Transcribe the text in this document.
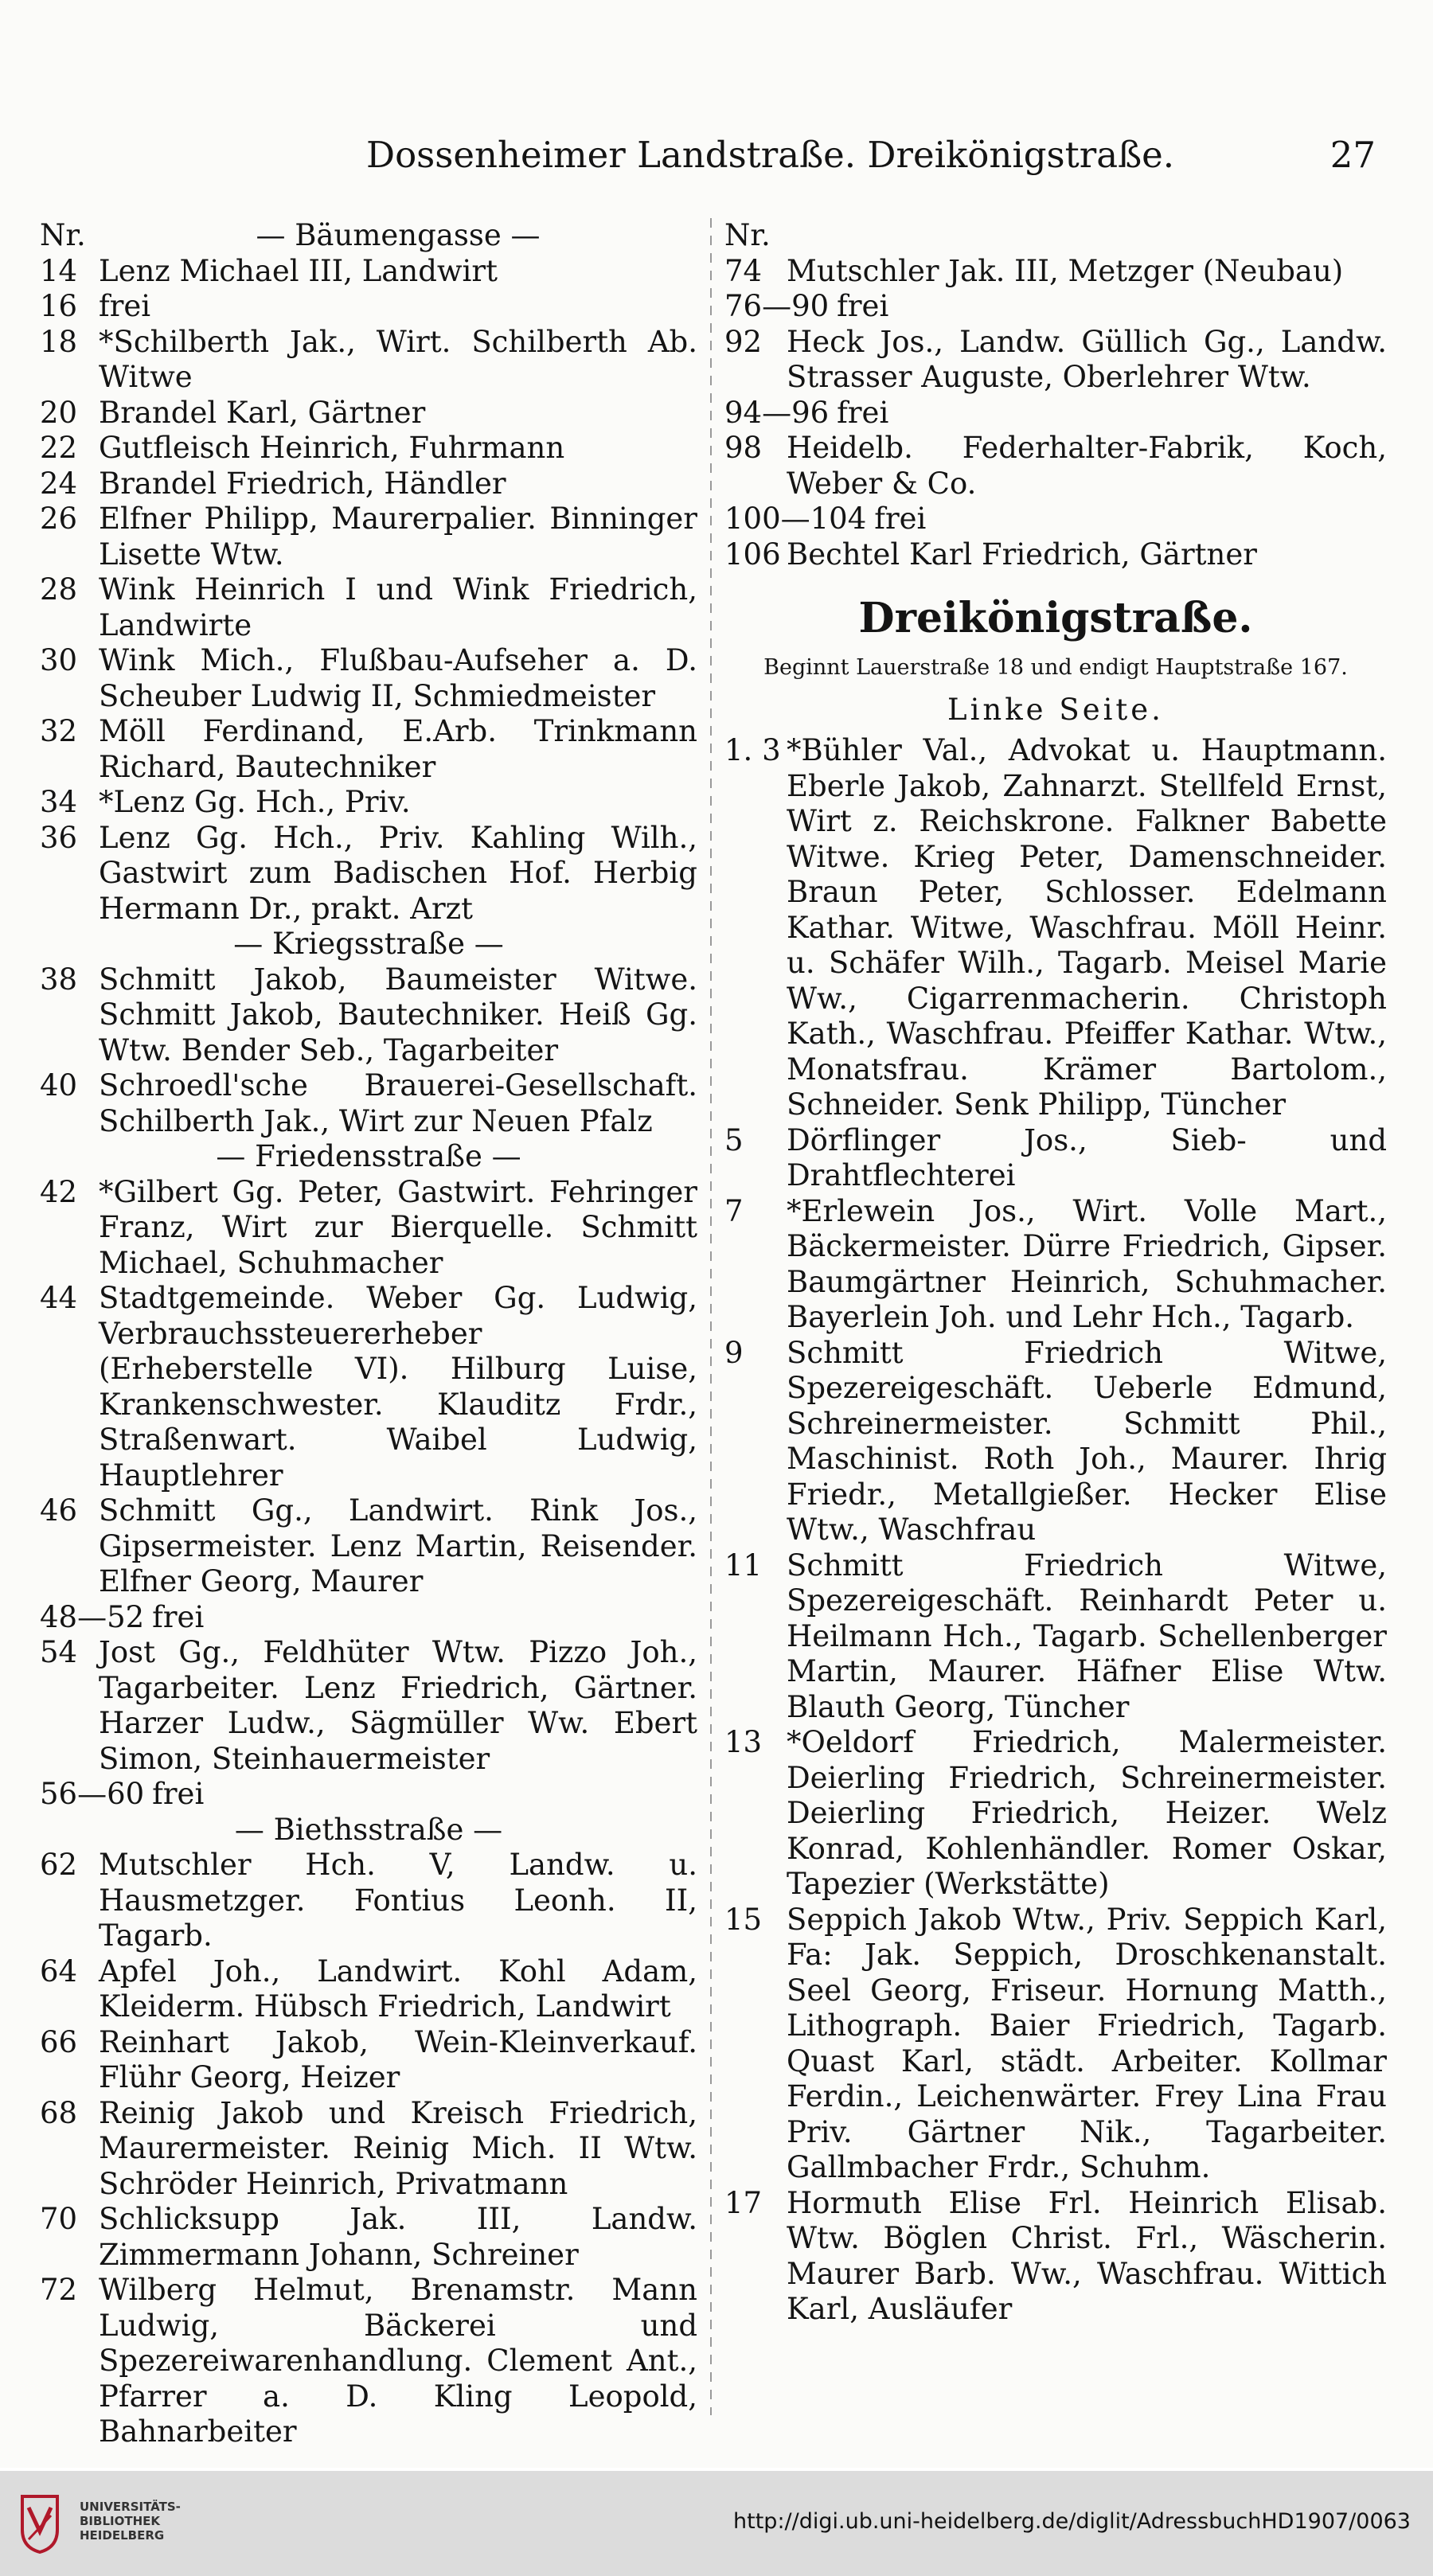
Dossenheimer Landstraße. Dreikönigstraße.	27
Nr.	— Bäumengasse —
14 Lenz Michael III, Landwirt
16 frei
18 *Schilberth Jak., Wirt. Schilberth Ab. Witwe
20 Brandel Karl, Gärtner
22 Gutfleisch Heinrich, Fuhrmann
24 Brandel Friedrich, Händler
26 Elfner Philipp, Maurerpalier. Binninger Lisette Wtw.
28 Wink Heinrich I und Wink Friedrich, Landwirte
30 Wink Mich., Flußbau-Aufseher a. D. Scheuber Ludwig II, Schmiedmeister
32 Möll Ferdinand, E.Arb. Trinkmann Richard, Bautechniker
34 *Lenz Gg. Hch., Priv.
36 Lenz Gg. Hch., Priv. Kahling Wilh., Gastwirt zum Badischen Hof. Herbig Hermann Dr., prakt. Arzt
— Kriegsstraße —
38 Schmitt Jakob, Baumeister Witwe. Schmitt Jakob, Bautechniker. Heiß Gg. Wtw. Bender Seb., Tagarbeiter
40 Schroedl'sche Brauerei-Gesellschaft. Schilberth Jak., Wirt zur Neuen Pfalz
— Friedensstraße —
42 *Gilbert Gg. Peter, Gastwirt. Fehringer Franz, Wirt zur Bierquelle. Schmitt Michael, Schuhmacher
44 Stadtgemeinde. Weber Gg. Ludwig, Verbrauchssteuererheber (Erheberstelle VI). Hilburg Luise, Krankenschwester. Klauditz Frdr., Straßenwart. Waibel Ludwig, Hauptlehrer
46 Schmitt Gg., Landwirt. Rink Jos., Gipsermeister. Lenz Martin, Reisender. Elfner Georg, Maurer
48—52 frei
54 Jost Gg., Feldhüter Wtw. Pizzo Joh., Tagarbeiter. Lenz Friedrich, Gärtner. Harzer Ludw., Sägmüller Ww. Ebert Simon, Steinhauermeister
56—60 frei
— Biethsstraße —
62 Mutschler Hch. V, Landw. u. Hausmetzger. Fontius Leonh. II, Tagarb.
64 Apfel Joh., Landwirt. Kohl Adam, Kleiderm. Hübsch Friedrich, Landwirt
66 Reinhart Jakob, Wein-Kleinverkauf. Flühr Georg, Heizer
68 Reinig Jakob und Kreisch Friedrich, Maurermeister. Reinig Mich. II Wtw. Schröder Heinrich, Privatmann
70 Schlicksupp Jak. III, Landw. Zimmermann Johann, Schreiner
72 Wilberg Helmut, Brenamstr. Mann Ludwig, Bäckerei und Spezereiwarenhandlung. Clement Ant., Pfarrer a. D. Kling Leopold, Bahnarbeiter
Nr.
74 Mutschler Jak. III, Metzger (Neubau)
76—90 frei
92 Heck Jos., Landw. Güllich Gg., Landw. Strasser Auguste, Oberlehrer Wtw.
94—96 frei
98 Heidelb. Federhalter-Fabrik, Koch, Weber & Co.
100—104 frei
106 Bechtel Karl Friedrich, Gärtner
Dreikönigstraße.
Beginnt Lauerstraße 18 und endigt Hauptstraße 167.
Linke Seite.
1. 3 *Bühler Val., Advokat u. Hauptmann. Eberle Jakob, Zahnarzt. Stellfeld Ernst, Wirt z. Reichskrone. Falkner Babette Witwe. Krieg Peter, Damenschneider. Braun Peter, Schlosser. Edelmann Kathar. Witwe, Waschfrau. Möll Heinr. u. Schäfer Wilh., Tagarb. Meisel Marie Ww., Cigarrenmacherin. Christoph Kath., Waschfrau. Pfeiffer Kathar. Wtw., Monatsfrau. Krämer Bartolom., Schneider. Senk Philipp, Tüncher
5	Dörflinger Jos., Sieb- und Drahtflechterei
7	*Erlewein Jos., Wirt. Volle Mart., Bäckermeister. Dürre Friedrich, Gipser. Baumgärtner Heinrich, Schuhmacher. Bayerlein Joh. und Lehr Hch., Tagarb.
9	Schmitt Friedrich Witwe, Spezereigeschäft. Ueberle Edmund, Schreinermeister. Schmitt Phil., Maschinist. Roth Joh., Maurer. Ihrig Friedr., Metallgießer. Hecker Elise Wtw., Waschfrau
11 Schmitt Friedrich Witwe, Spezereigeschäft. Reinhardt Peter u. Heilmann Hch., Tagarb. Schellenberger Martin, Maurer. Häfner Elise Wtw. Blauth Georg, Tüncher
13 *Oeldorf Friedrich, Malermeister. Deierling Friedrich, Schreinermeister. Deierling Friedrich, Heizer. Welz Konrad, Kohlenhändler. Romer Oskar, Tapezier (Werkstätte)
15 Seppich Jakob Wtw., Priv. Seppich Karl, Fa: Jak. Seppich, Droschkenanstalt. Seel Georg, Friseur. Hornung Matth., Lithograph. Baier Friedrich, Tagarb. Quast Karl, städt. Arbeiter. Kollmar Ferdin., Leichenwärter. Frey Lina Frau Priv. Gärtner Nik., Tagarbeiter. Gallmbacher Frdr., Schuhm.
17 Hormuth Elise Frl. Heinrich Elisab. Wtw. Böglen Christ. Frl., Wäscherin. Maurer Barb. Ww., Waschfrau. Wittich Karl, Ausläufer
UNIVERSITÄTS-
BIBLIOTHEK
HEIDELBERG
http://digi.ub.uni-heidelberg.de/diglit/AdressbuchHD1907/0063
